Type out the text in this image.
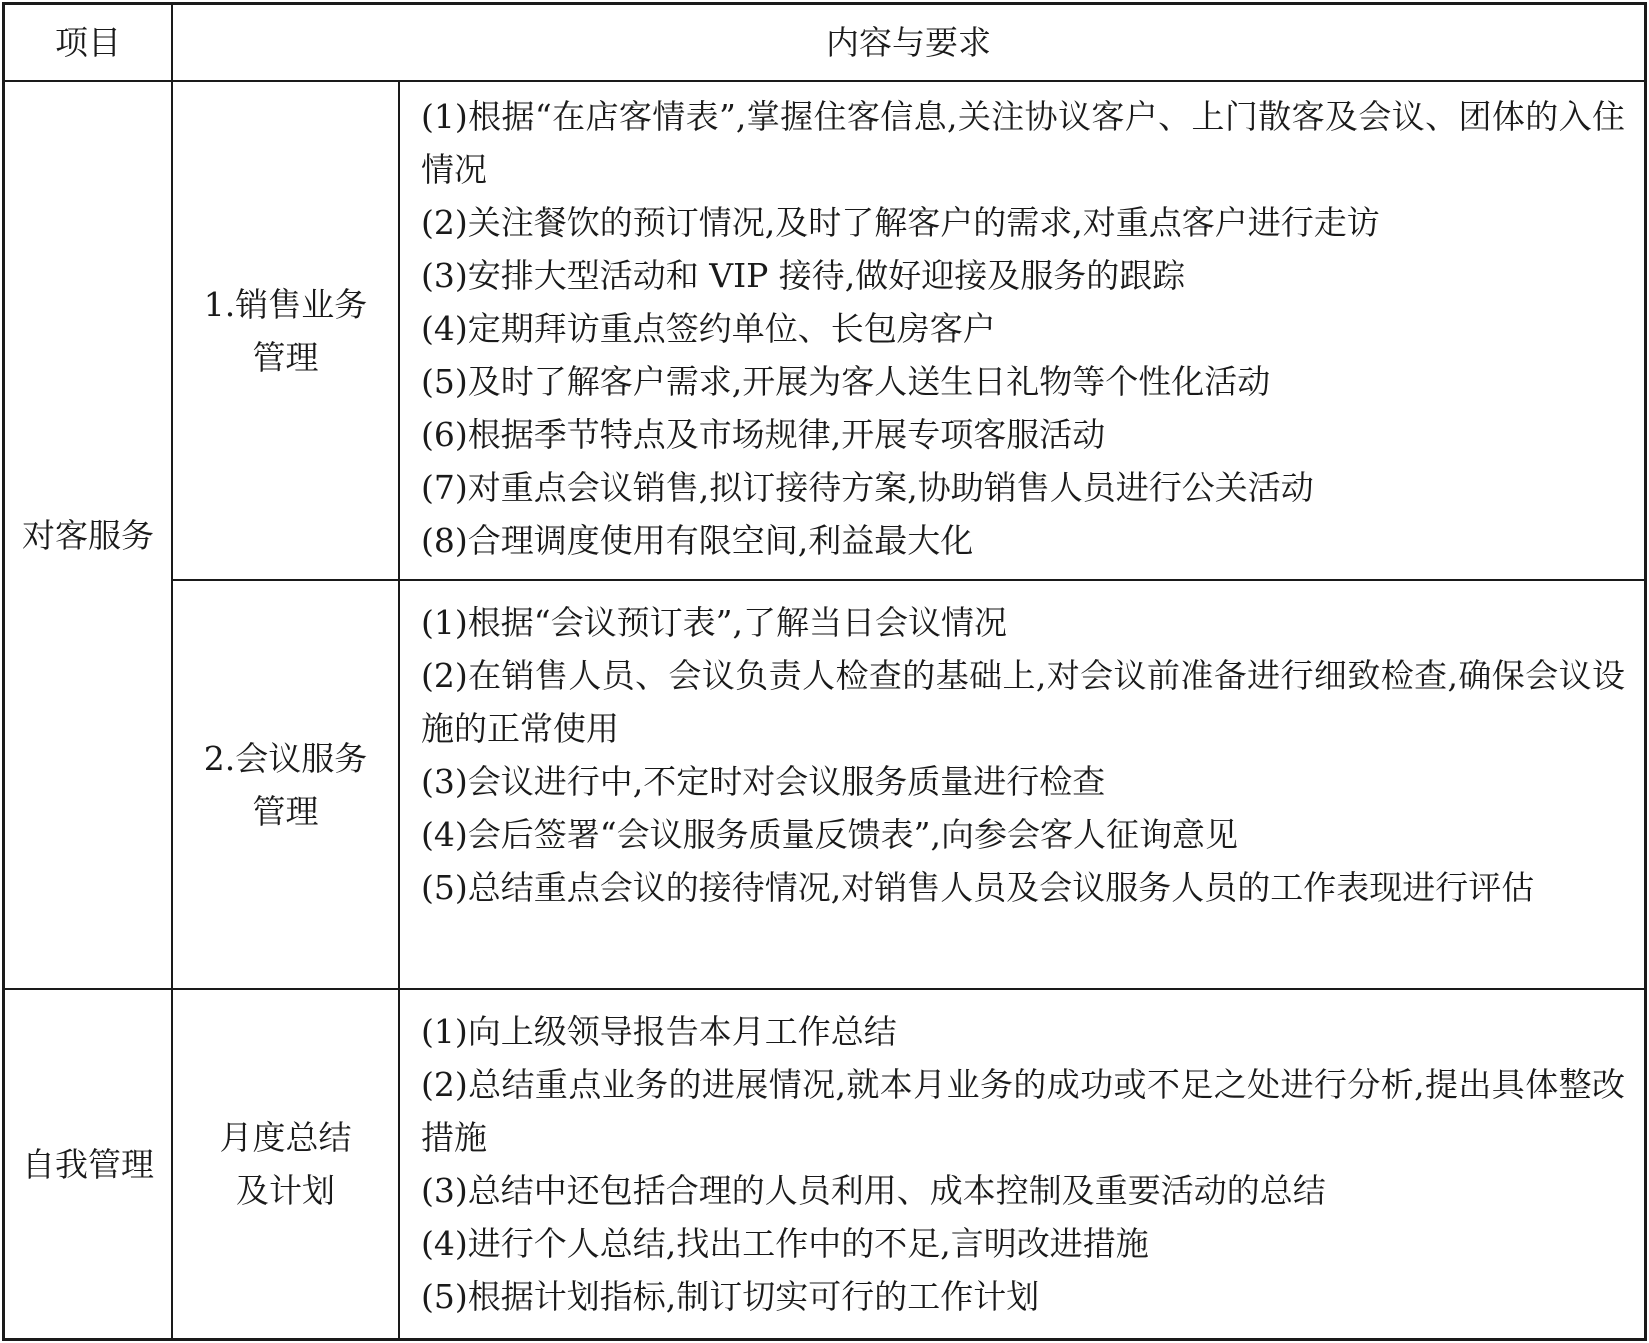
项目	内容与要求
对客服务
自我管理
1.销售业务
管理
2.会议服务
管理
月度总结
及计划
(1)根据“在店客情表”,掌握住客信息,关注协议客户、上门散客及会议、团体的入住情况
(2)关注餐饮的预订情况,及时了解客户的需求,对重点客户进行走访
(3)安排大型活动和 VIP 接待,做好迎接及服务的跟踪
(4)定期拜访重点签约单位、长包房客户
(5)及时了解客户需求,开展为客人送生日礼物等个性化活动
(6)根据季节特点及市场规律,开展专项客服活动
(7)对重点会议销售,拟订接待方案,协助销售人员进行公关活动
(8)合理调度使用有限空间,利益最大化
(1)根据“会议预订表”,了解当日会议情况
(2)在销售人员、会议负责人检查的基础上,对会议前准备进行细致检查,确保会议设施的正常使用
(3)会议进行中,不定时对会议服务质量进行检查
(4)会后签署“会议服务质量反馈表”,向参会客人征询意见
(5)总结重点会议的接待情况,对销售人员及会议服务人员的工作表现进行评估
(1)向上级领导报告本月工作总结
(2)总结重点业务的进展情况,就本月业务的成功或不足之处进行分析,提出具体整改措施
(3)总结中还包括合理的人员利用、成本控制及重要活动的总结
(4)进行个人总结,找出工作中的不足,言明改进措施
(5)根据计划指标,制订切实可行的工作计划
